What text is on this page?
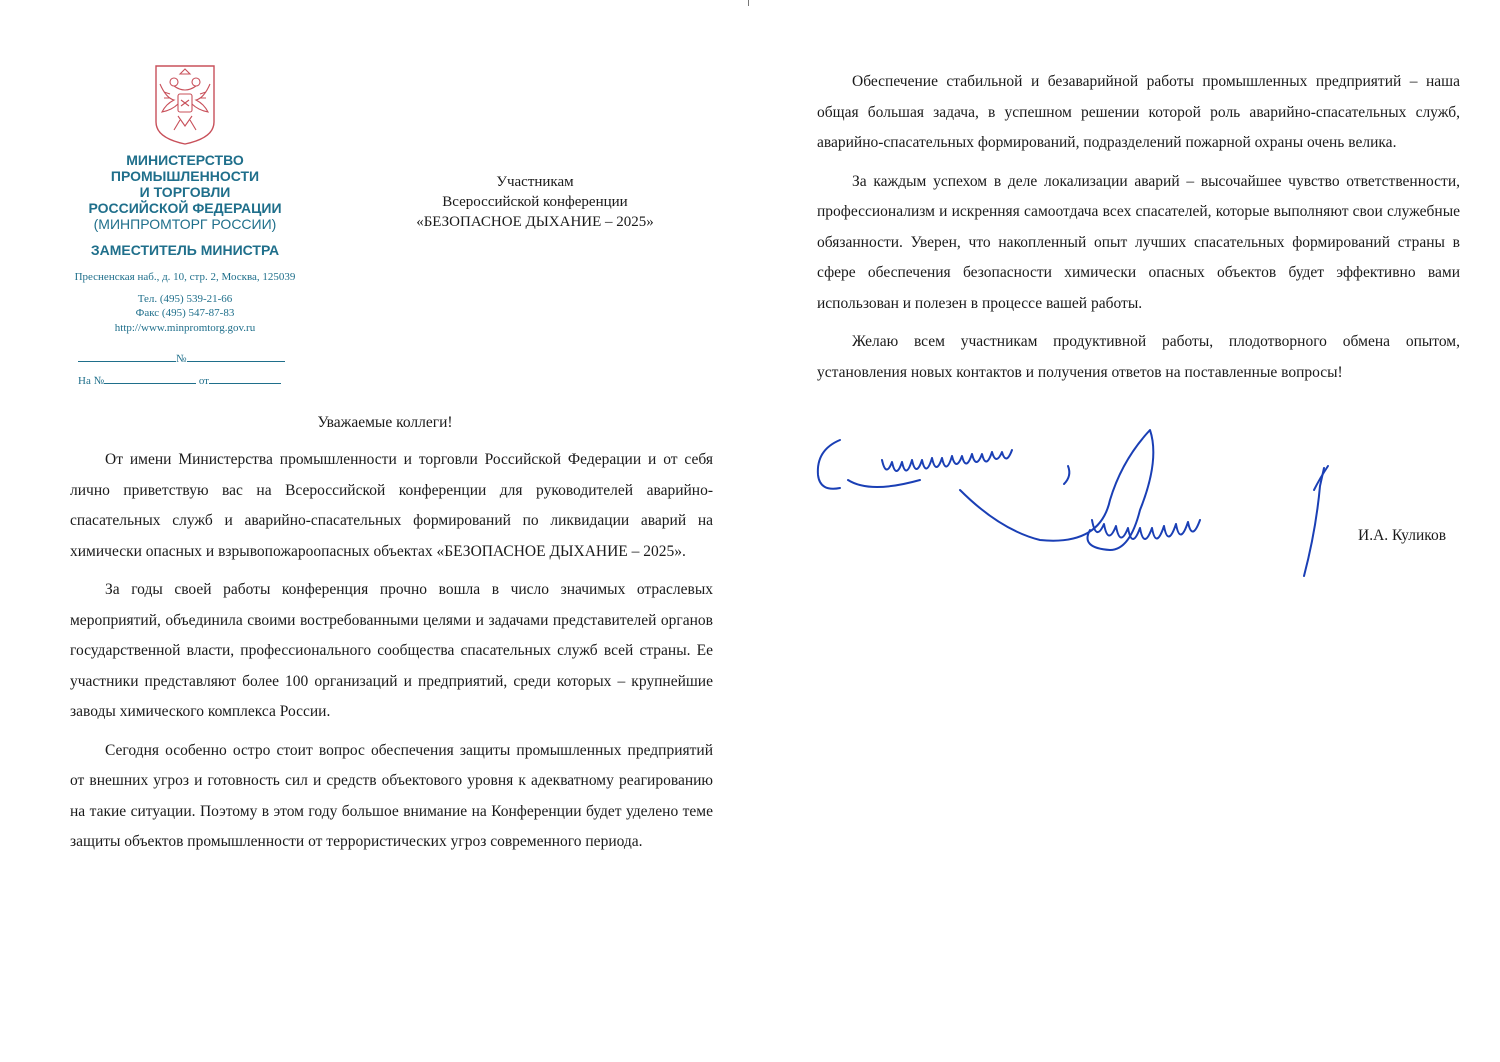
МИНИСТЕРСТВО
ПРОМЫШЛЕННОСТИ
И ТОРГОВЛИ
РОССИЙСКОЙ ФЕДЕРАЦИИ
(МИНПРОМТОРГ РОССИИ)
ЗАМЕСТИТЕЛЬ МИНИСТРА
Пресненская наб., д. 10, стр. 2, Москва, 125039
Тел. (495) 539-21-66
Факс (495) 547-87-83
http://www.minpromtorg.gov.ru
№
На №	от
Участникам
Всероссийской конференции
«БЕЗОПАСНОЕ ДЫХАНИЕ – 2025»
Уважаемые коллеги!

От имени Министерства промышленности и торговли Российской Федерации и от себя лично приветствую вас на Всероссийской конференции для руководителей аварийно-спасательных служб и аварийно-спасательных формирований по ликвидации аварий на химически опасных и взрывопожароопасных объектах «БЕЗОПАСНОЕ ДЫХАНИЕ – 2025».

За годы своей работы конференция прочно вошла в число значимых отраслевых мероприятий, объединила своими востребованными целями и задачами представителей органов государственной власти, профессионального сообщества спасательных служб всей страны. Ее участники представляют более 100 организаций и предприятий, среди которых – крупнейшие заводы химического комплекса России.

Сегодня особенно остро стоит вопрос обеспечения защиты промышленных предприятий от внешних угроз и готовность сил и средств объектового уровня к адекватному реагированию на такие ситуации. Поэтому в этом году большое внимание на Конференции будет уделено теме защиты объектов промышленности от террористических угроз современного периода.

Обеспечение стабильной и безаварийной работы промышленных предприятий – наша общая большая задача, в успешном решении которой роль аварийно-спасательных служб, аварийно-спасательных формирований, подразделений пожарной охраны очень велика.

За каждым успехом в деле локализации аварий – высочайшее чувство ответственности, профессионализм и искренняя самоотдача всех спасателей, которые выполняют свои служебные обязанности. Уверен, что накопленный опыт лучших спасательных формирований страны в сфере обеспечения безопасности химически опасных объектов будет эффективно вами использован и полезен в процессе вашей работы.

Желаю всем участникам продуктивной работы, плодотворного обмена опытом, установления новых контактов и получения ответов на поставленные вопросы!

И.А. Куликов
